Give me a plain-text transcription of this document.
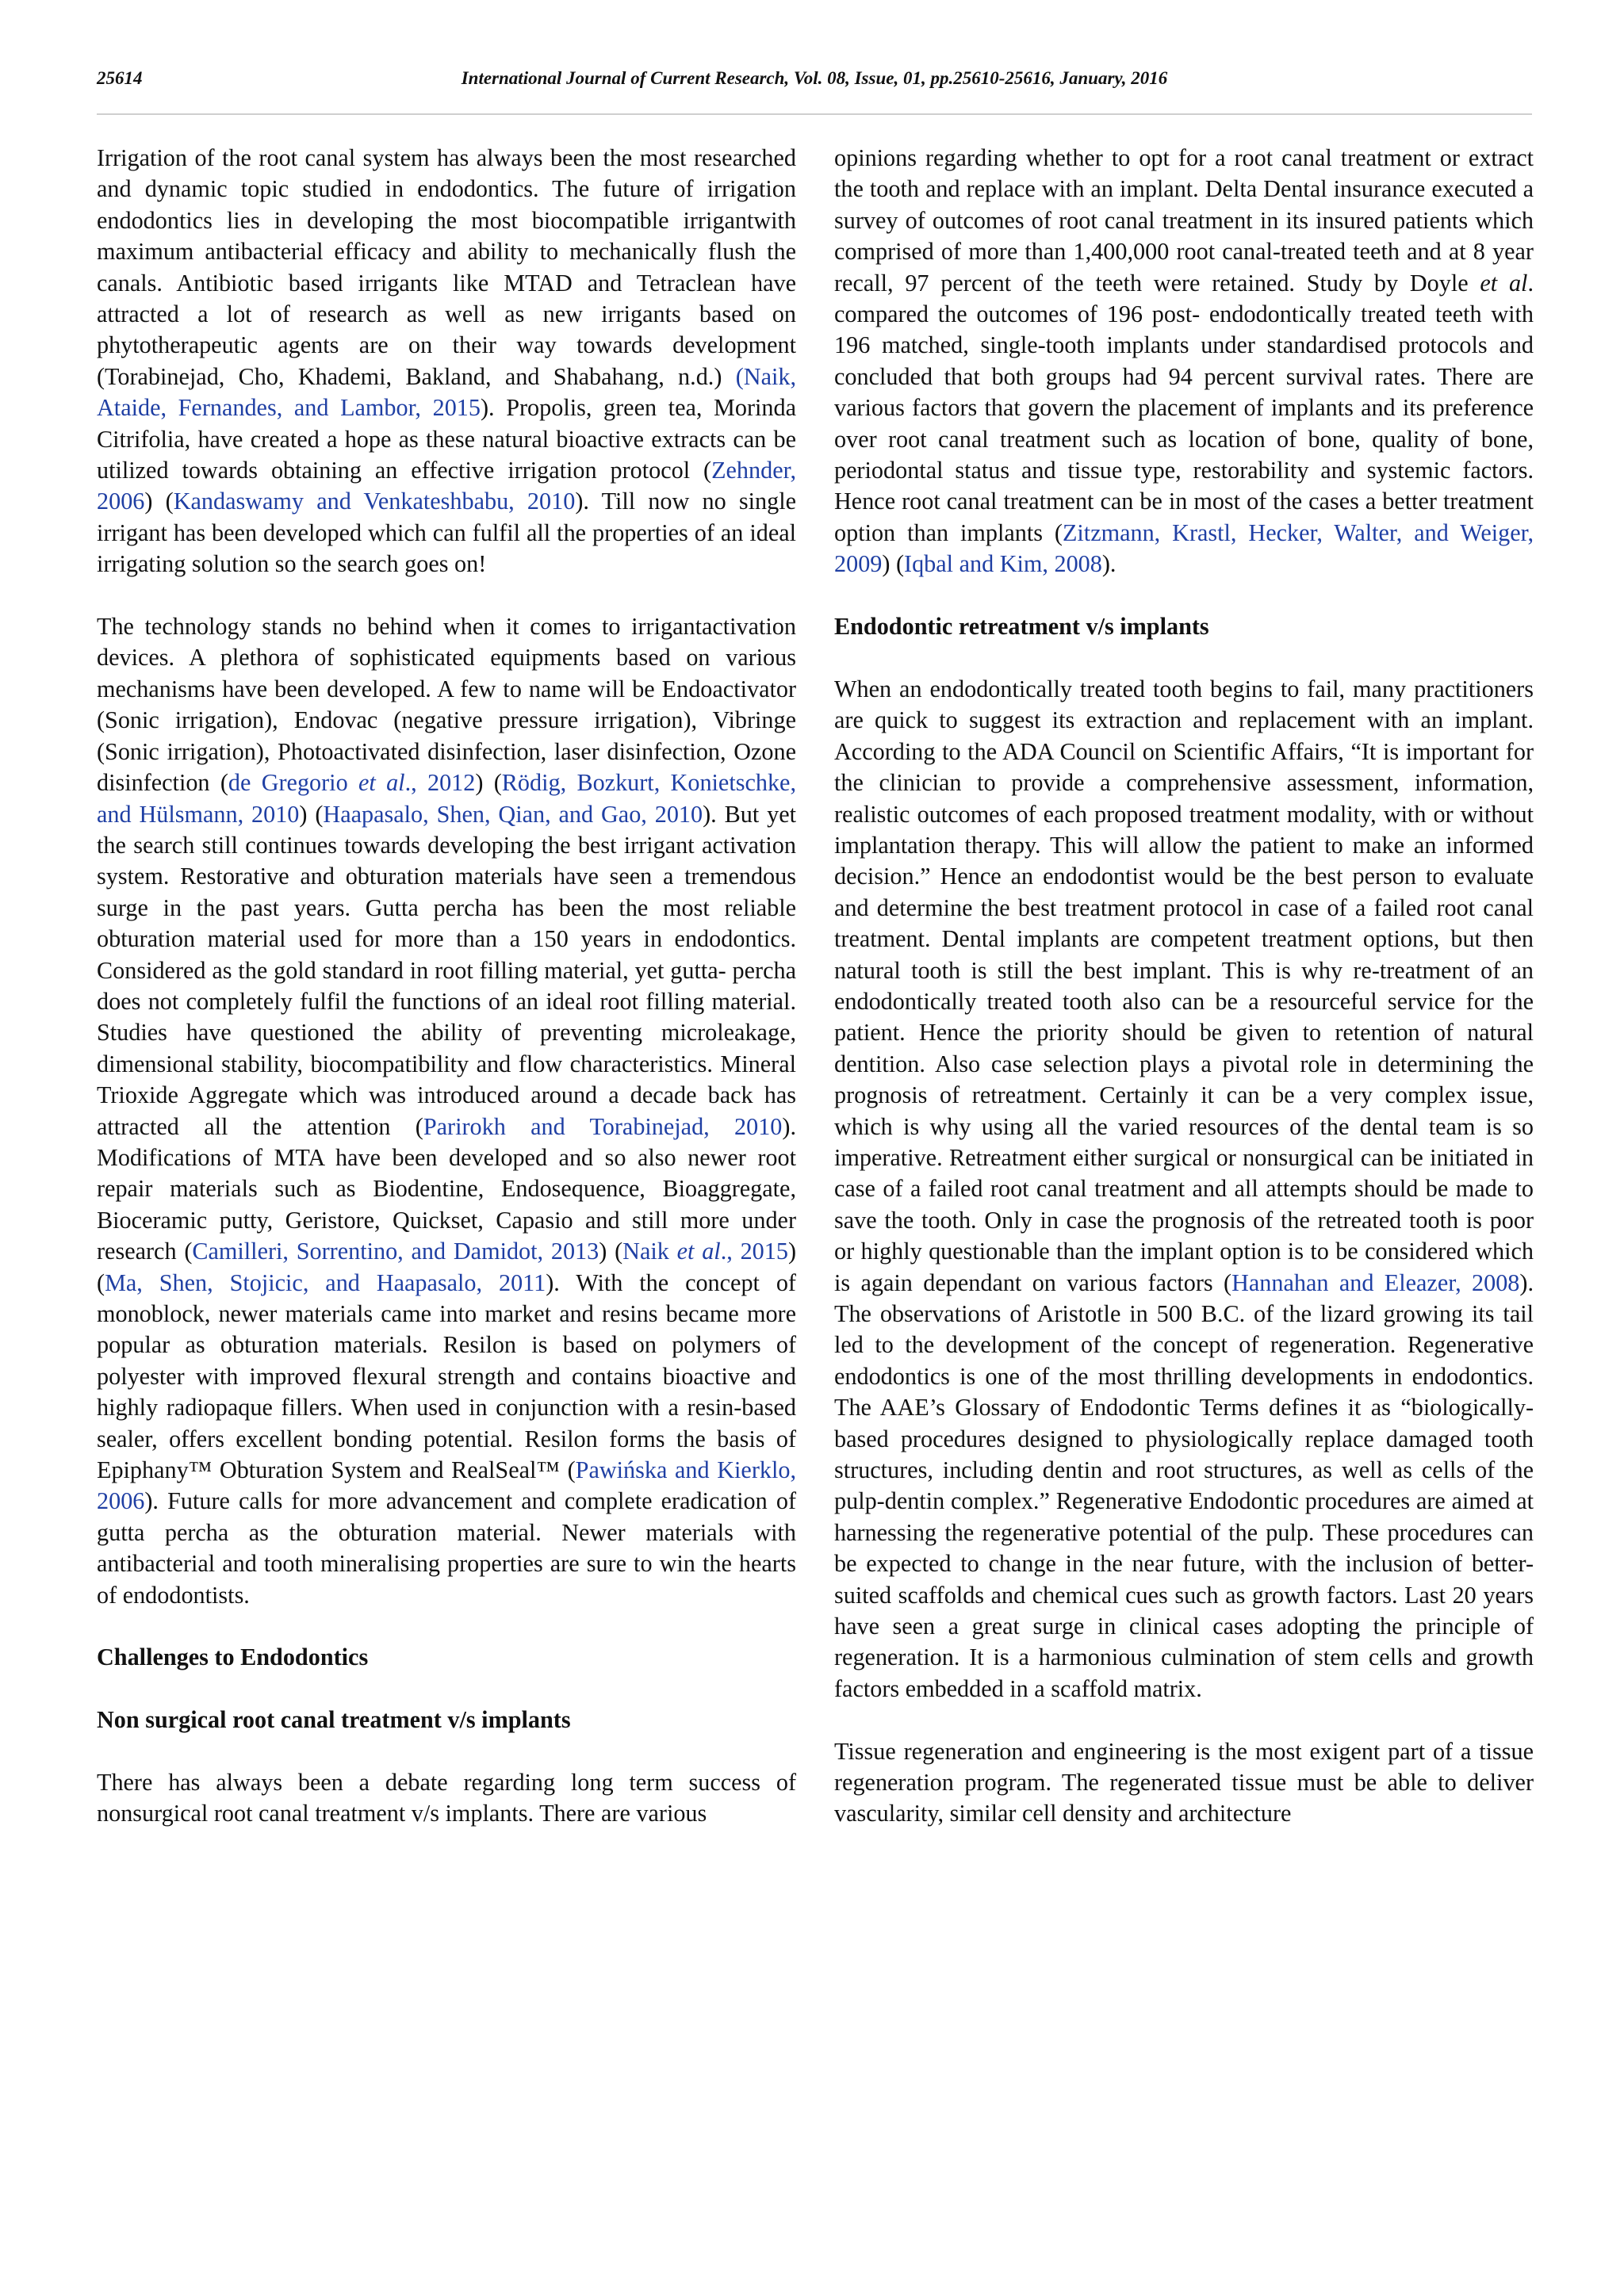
25614	International Journal of Current Research, Vol. 08, Issue, 01, pp.25610-25616, January, 2016

Irrigation of the root canal system has always been the most researched and dynamic topic studied in endodontics. The future of irrigation endodontics lies in developing the most biocompatible irrigantwith maximum antibacterial efficacy and ability to mechanically flush the canals. Antibiotic based irrigants like MTAD and Tetraclean have attracted a lot of research as well as new irrigants based on phytotherapeutic agents are on their way towards development (Torabinejad, Cho, Khademi, Bakland, and Shabahang, n.d.) (Naik, Ataide, Fernandes, and Lambor, 2015). Propolis, green tea, Morinda Citrifolia, have created a hope as these natural bioactive extracts can be utilized towards obtaining an effective irrigation protocol (Zehnder, 2006) (Kandaswamy and Venkateshbabu, 2010). Till now no single irrigant has been developed which can fulfil all the properties of an ideal irrigating solution so the search goes on!

The technology stands no behind when it comes to irrigantactivation devices. A plethora of sophisticated equipments based on various mechanisms have been developed. A few to name will be Endoactivator (Sonic irrigation), Endovac (negative pressure irrigation), Vibringe (Sonic irrigation), Photoactivated disinfection, laser disinfection, Ozone disinfection (de Gregorio et al., 2012) (Rödig, Bozkurt, Konietschke, and Hülsmann, 2010) (Haapasalo, Shen, Qian, and Gao, 2010). But yet the search still continues towards developing the best irrigant activation system. Restorative and obturation materials have seen a tremendous surge in the past years. Gutta percha has been the most reliable obturation material used for more than a 150 years in endodontics. Considered as the gold standard in root filling material, yet gutta- percha does not completely fulfil the functions of an ideal root filling material. Studies have questioned the ability of preventing microleakage, dimensional stability, biocompatibility and flow characteristics. Mineral Trioxide Aggregate which was introduced around a decade back has attracted all the attention (Parirokh and Torabinejad, 2010). Modifications of MTA have been developed and so also newer root repair materials such as Biodentine, Endosequence, Bioaggregate, Bioceramic putty, Geristore, Quickset, Capasio and still more under research (Camilleri, Sorrentino, and Damidot, 2013) (Naik et al., 2015) (Ma, Shen, Stojicic, and Haapasalo, 2011). With the concept of monoblock, newer materials came into market and resins became more popular as obturation materials. Resilon is based on polymers of polyester with improved flexural strength and contains bioactive and highly radiopaque fillers. When used in conjunction with a resin-based sealer, offers excellent bonding potential. Resilon forms the basis of Epiphany™ Obturation System and RealSeal™ (Pawińska and Kierklo, 2006). Future calls for more advancement and complete eradication of gutta percha as the obturation material. Newer materials with antibacterial and tooth mineralising properties are sure to win the hearts of endodontists.

Challenges to Endodontics
Non surgical root canal treatment v/s implants

There has always been a debate regarding long term success of nonsurgical root canal treatment v/s implants. There are various

opinions regarding whether to opt for a root canal treatment or extract the tooth and replace with an implant. Delta Dental insurance executed a survey of outcomes of root canal treatment in its insured patients which comprised of more than 1,400,000 root canal-treated teeth and at 8 year recall, 97 percent of the teeth were retained. Study by Doyle et al. compared the outcomes of 196 post- endodontically treated teeth with 196 matched, single-tooth implants under standardised protocols and concluded that both groups had 94 percent survival rates. There are various factors that govern the placement of implants and its preference over root canal treatment such as location of bone, quality of bone, periodontal status and tissue type, restorability and systemic factors. Hence root canal treatment can be in most of the cases a better treatment option than implants (Zitzmann, Krastl, Hecker, Walter, and Weiger, 2009) (Iqbal and Kim, 2008).

Endodontic retreatment v/s implants

When an endodontically treated tooth begins to fail, many practitioners are quick to suggest its extraction and replacement with an implant. According to the ADA Council on Scientific Affairs, “It is important for the clinician to provide a comprehensive assessment, information, realistic outcomes of each proposed treatment modality, with or without implantation therapy. This will allow the patient to make an informed decision.” Hence an endodontist would be the best person to evaluate and determine the best treatment protocol in case of a failed root canal treatment. Dental implants are competent treatment options, but then natural tooth is still the best implant. This is why re-treatment of an endodontically treated tooth also can be a resourceful service for the patient. Hence the priority should be given to retention of natural dentition. Also case selection plays a pivotal role in determining the prognosis of retreatment. Certainly it can be a very complex issue, which is why using all the varied resources of the dental team is so imperative. Retreatment either surgical or nonsurgical can be initiated in case of a failed root canal treatment and all attempts should be made to save the tooth. Only in case the prognosis of the retreated tooth is poor or highly questionable than the implant option is to be considered which is again dependant on various factors (Hannahan and Eleazer, 2008). The observations of Aristotle in 500 B.C. of the lizard growing its tail led to the development of the concept of regeneration. Regenerative endodontics is one of the most thrilling developments in endodontics. The AAE’s Glossary of Endodontic Terms defines it as “biologically-based procedures designed to physiologically replace damaged tooth structures, including dentin and root structures, as well as cells of the pulp-dentin complex.” Regenerative Endodontic procedures are aimed at harnessing the regenerative potential of the pulp. These procedures can be expected to change in the near future, with the inclusion of better-suited scaffolds and chemical cues such as growth factors. Last 20 years have seen a great surge in clinical cases adopting the principle of regeneration. It is a harmonious culmination of stem cells and growth factors embedded in a scaffold matrix.

Tissue regeneration and engineering is the most exigent part of a tissue regeneration program. The regenerated tissue must be able to deliver vascularity, similar cell density and architecture
